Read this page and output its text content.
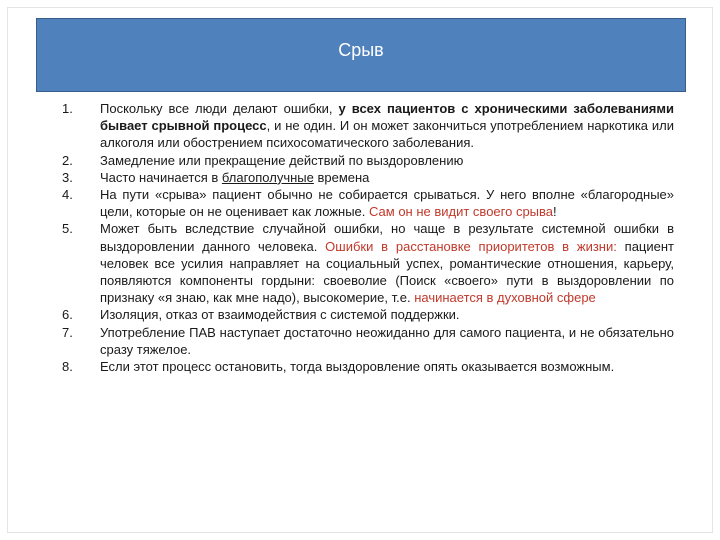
Срыв
1.	Поскольку все люди делают ошибки, у всех пациентов с хроническими заболеваниями бывает срывной процесс, и не один. И он может закончиться употреблением наркотика или алкоголя или обострением психосоматического заболевания.
2.	Замедление или прекращение действий по выздоровлению
3.	Часто начинается в благополучные времена
4.	На пути «срыва» пациент обычно не собирается срываться. У него вполне «благородные» цели, которые он не оценивает как ложные. Сам он не видит своего срыва!
5.	Может быть вследствие случайной ошибки, но чаще в результате системной ошибки в выздоровлении данного человека. Ошибки в расстановке приоритетов в жизни: пациент человек все усилия направляет на социальный успех, романтические отношения, карьеру, появляются компоненты гордыни: своеволие (Поиск «своего» пути в выздоровлении по признаку «я знаю, как мне надо), высокомерие, т.е. начинается в духовной сфере
6.	Изоляция, отказ от взаимодействия с системой поддержки.
7.	Употребление ПАВ наступает достаточно неожиданно для самого пациента, и не обязательно сразу тяжелое.
8.	Если этот процесс остановить, тогда выздоровление опять оказывается возможным.
